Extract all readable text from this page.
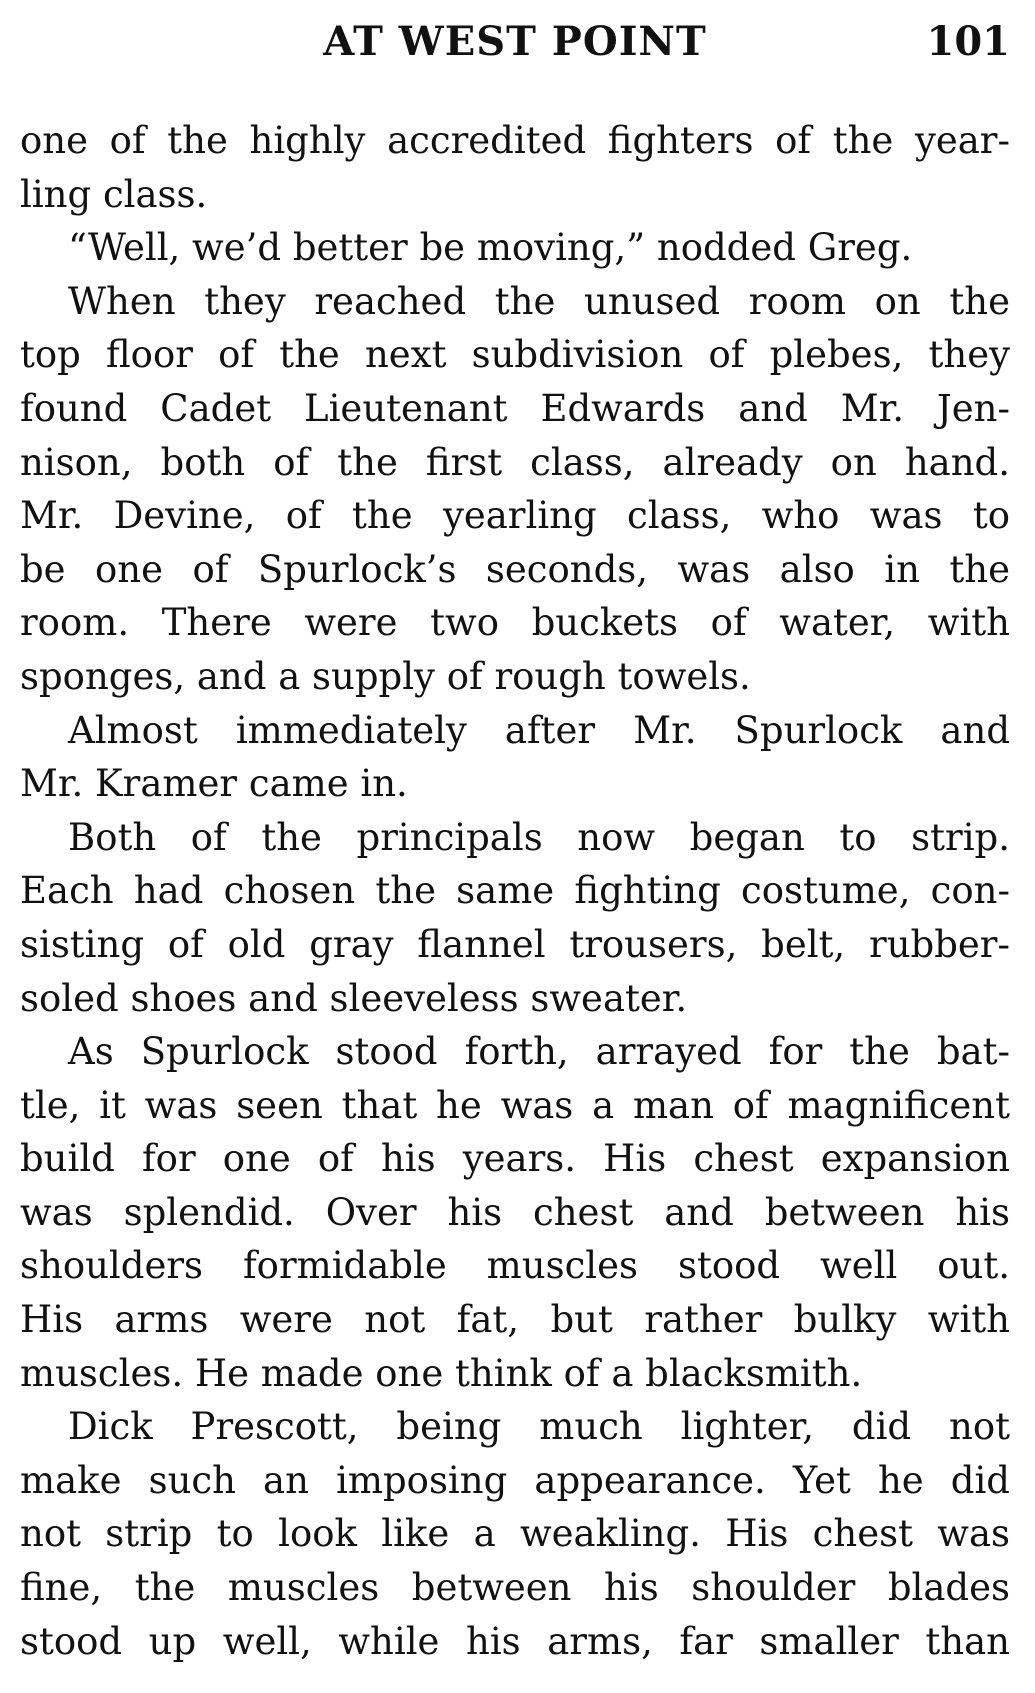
AT WEST POINT	101
one of the highly accredited fighters of the year-
ling class.
“Well, we’d better be moving,” nodded Greg.
When they reached the unused room on the
top floor of the next subdivision of plebes, they
found Cadet Lieutenant Edwards and Mr. Jen-
nison, both of the first class, already on hand.
Mr. Devine, of the yearling class, who was to
be one of Spurlock’s seconds, was also in the
room. There were two buckets of water, with
sponges, and a supply of rough towels.
Almost immediately after Mr. Spurlock and
Mr. Kramer came in.
Both of the principals now began to strip.
Each had chosen the same fighting costume, con-
sisting of old gray flannel trousers, belt, rubber-
soled shoes and sleeveless sweater.
As Spurlock stood forth, arrayed for the bat-
tle, it was seen that he was a man of magnificent
build for one of his years. His chest expansion
was splendid. Over his chest and between his
shoulders formidable muscles stood well out.
His arms were not fat, but rather bulky with
muscles. He made one think of a blacksmith.
Dick Prescott, being much lighter, did not
make such an imposing appearance. Yet he did
not strip to look like a weakling. His chest was
fine, the muscles between his shoulder blades
stood up well, while his arms, far smaller than
